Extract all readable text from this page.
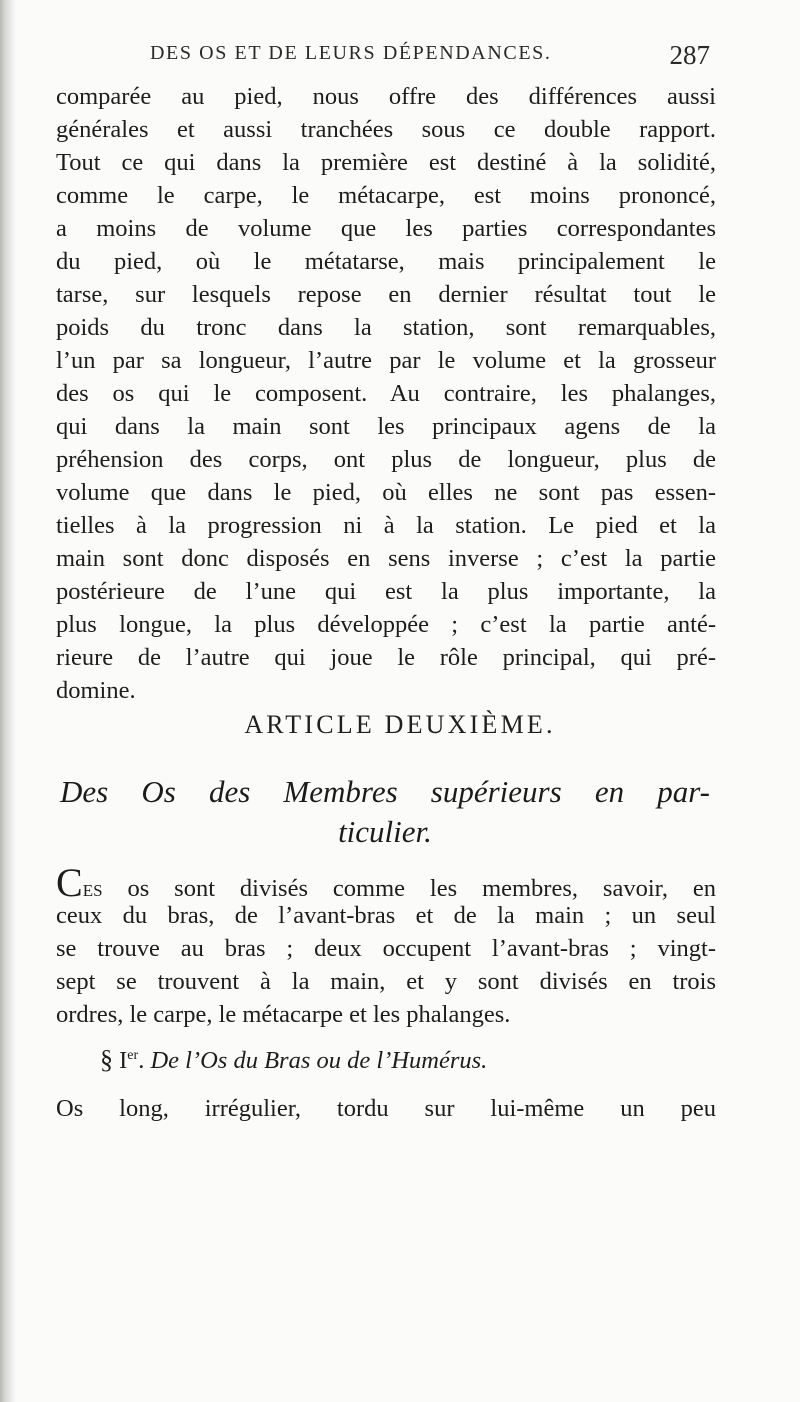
DES OS ET DE LEURS DÉPENDANCES.	287
comparée au pied, nous offre des différences aussi
générales et aussi tranchées sous ce double rapport.
Tout ce qui dans la première est destiné à la solidité,
comme le carpe, le métacarpe, est moins prononcé,
a moins de volume que les parties correspondantes
du pied, où le métatarse, mais principalement le
tarse, sur lesquels repose en dernier résultat tout le
poids du tronc dans la station, sont remarquables,
l’un par sa longueur, l’autre par le volume et la grosseur
des os qui le composent. Au contraire, les phalanges,
qui dans la main sont les principaux agens de la
préhension des corps, ont plus de longueur, plus de
volume que dans le pied, où elles ne sont pas essen-
tielles à la progression ni à la station. Le pied et la
main sont donc disposés en sens inverse ; c’est la partie
postérieure de l’une qui est la plus importante, la
plus longue, la plus développée ; c’est la partie anté-
rieure de l’autre qui joue le rôle principal, qui pré-
domine.
ARTICLE DEUXIÈME.
Des Os des Membres supérieurs en par-
ticulier.
Ces os sont divisés comme les membres, savoir, en
ceux du bras, de l’avant-bras et de la main ; un seul
se trouve au bras ; deux occupent l’avant-bras ; vingt-
sept se trouvent à la main, et y sont divisés en trois
ordres, le carpe, le métacarpe et les phalanges.
§ Ier. De l’Os du Bras ou de l’Humérus.
Os long, irrégulier, tordu sur lui-même un peu
